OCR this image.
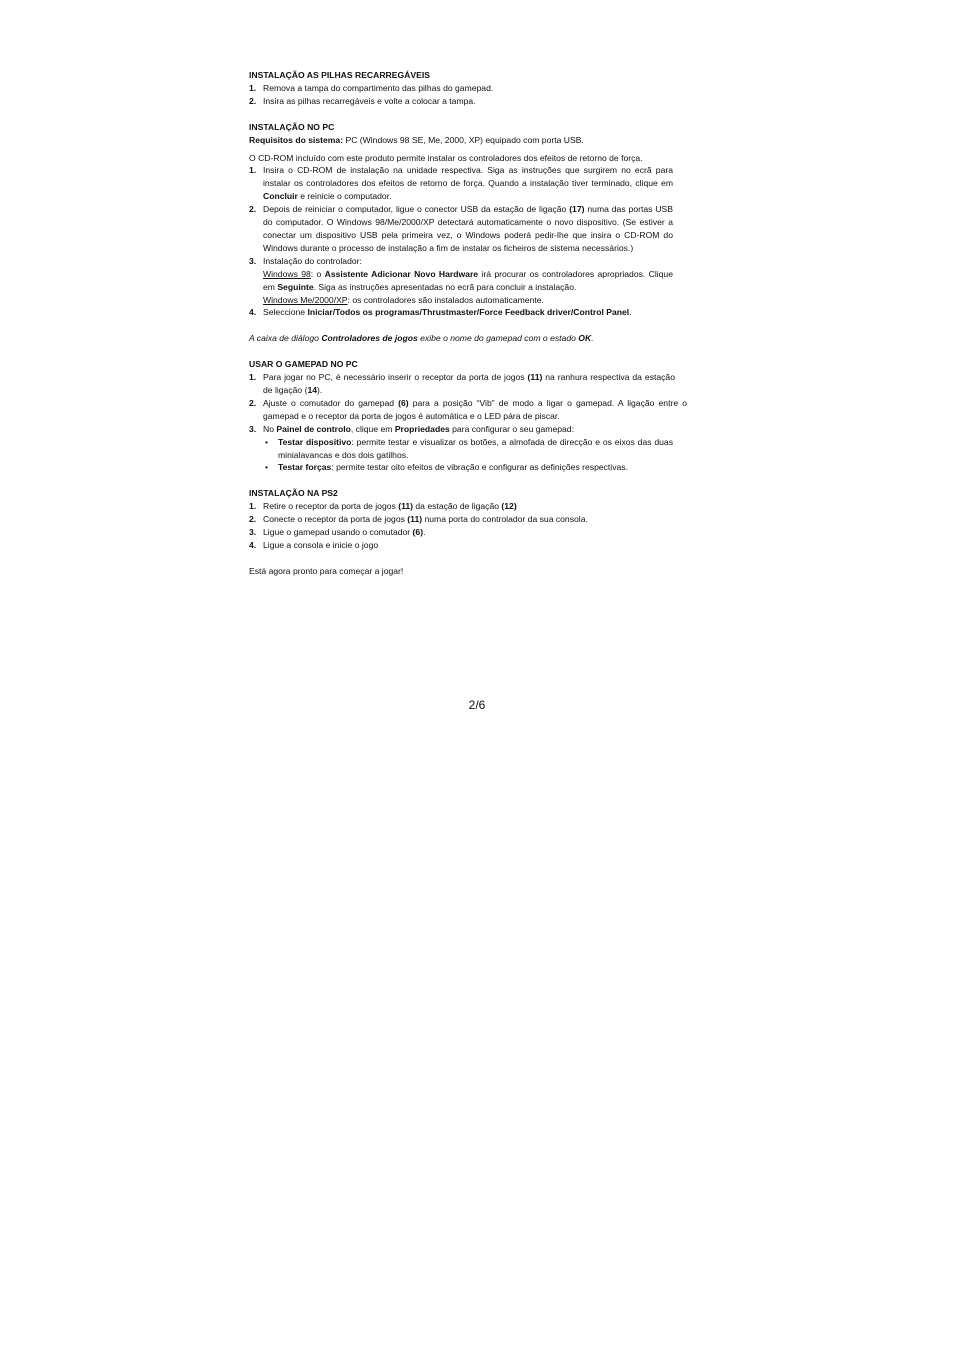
INSTALAÇÃO AS PILHAS RECARREGÁVEIS
1. Remova a tampa do compartimento das pilhas do gamepad.
2. Insira as pilhas recarregáveis e volte a colocar a tampa.
INSTALAÇÃO NO PC

Requisitos do sistema: PC (Windows 98 SE, Me, 2000, XP) equipado com porta USB.

O CD-ROM incluído com este produto permite instalar os controladores dos efeitos de retorno de força.

1. Insira o CD-ROM de instalação na unidade respectiva. Siga as instruções que surgirem no ecrã para instalar os controladores dos efeitos de retorno de força. Quando a instalação tiver terminado, clique em Concluir e reinicie o computador.
2. Depois de reiniciar o computador, ligue o conector USB da estação de ligação (17) numa das portas USB do computador. O Windows 98/Me/2000/XP detectará automaticamente o novo dispositivo. (Se estiver a conectar um dispositivo USB pela primeira vez, o Windows poderá pedir-lhe que insira o CD-ROM do Windows durante o processo de instalação a fim de instalar os ficheiros de sistema necessários.)
3. Instalação do controlador:
Windows 98: o Assistente Adicionar Novo Hardware irá procurar os controladores apropriados. Clique em Seguinte. Siga as instruções apresentadas no ecrã para concluir a instalação.
Windows Me/2000/XP: os controladores são instalados automaticamente.
4. Seleccione Iniciar/Todos os programas/Thrustmaster/Force Feedback driver/Control Panel.

A caixa de diálogo Controladores de jogos exibe o nome do gamepad com o estado OK.

USAR O GAMEPAD NO PC
1. Para jogar no PC, é necessário inserir o receptor da porta de jogos (11) na ranhura respectiva da estação de ligação (14).
2. Ajuste o comutador do gamepad (6) para a posição “Vib” de modo a ligar o gamepad. A ligação entre o gamepad e o receptor da porta de jogos é automática e o LED pára de piscar.
3. No Painel de controlo, clique em Propriedades para configurar o seu gamepad:
• Testar dispositivo: permite testar e visualizar os botões, a almofada de direcção e os eixos das duas minialavancas e dos dois gatilhos.
• Testar forças: permite testar oito efeitos de vibração e configurar as definições respectivas.
INSTALAÇÃO NA PS2
1. Retire o receptor da porta de jogos (11) da estação de ligação (12)
2. Conecte o receptor da porta de jogos (11) numa porta do controlador da sua consola.
3. Ligue o gamepad usando o comutador (6).
4. Ligue a consola e inicie o jogo

Está agora pronto para começar a jogar!

2/6
